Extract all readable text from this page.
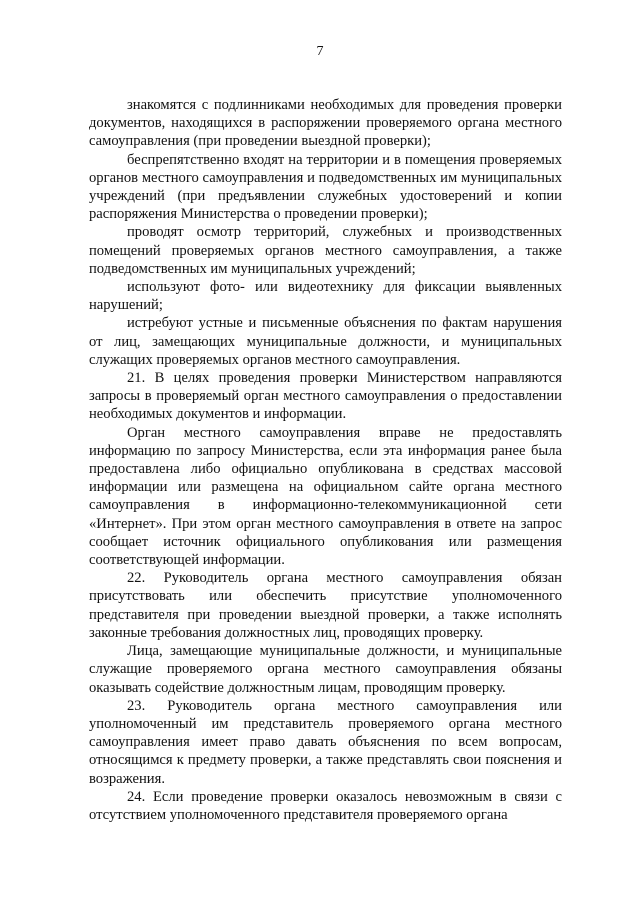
7

знакомятся с подлинниками необходимых для проведения проверки документов, находящихся в распоряжении проверяемого органа местного самоуправления (при проведении выездной проверки);

беспрепятственно входят на территории и в помещения проверяемых органов местного самоуправления и подведомственных им муниципальных учреждений (при предъявлении служебных удостоверений и копии распоряжения Министерства о проведении проверки);

проводят осмотр территорий, служебных и производственных помещений проверяемых органов местного самоуправления, а также подведомственных им муниципальных учреждений;

используют фото- или видеотехнику для фиксации выявленных нарушений;

истребуют устные и письменные объяснения по фактам нарушения от лиц, замещающих муниципальные должности, и муниципальных служащих проверяемых органов местного самоуправления.

21. В целях проведения проверки Министерством направляются запросы в проверяемый орган местного самоуправления о предоставлении необходимых документов и информации.

Орган местного самоуправления вправе не предоставлять информацию по запросу Министерства, если эта информация ранее была предоставлена либо официально опубликована в средствах массовой информации или размещена на официальном сайте органа местного самоуправления в информационно-телекоммуникационной сети «Интернет». При этом орган местного самоуправления в ответе на запрос сообщает источник официального опубликования или размещения соответствующей информации.

22. Руководитель органа местного самоуправления обязан присутствовать или обеспечить присутствие уполномоченного представителя при проведении выездной проверки, а также исполнять законные требования должностных лиц, проводящих проверку.

Лица, замещающие муниципальные должности, и муниципальные служащие проверяемого органа местного самоуправления обязаны оказывать содействие должностным лицам, проводящим проверку.

23. Руководитель органа местного самоуправления или уполномоченный им представитель проверяемого органа местного самоуправления имеет право давать объяснения по всем вопросам, относящимся к предмету проверки, а также представлять свои пояснения и возражения.

24. Если проведение проверки оказалось невозможным в связи с отсутствием уполномоченного представителя проверяемого органа
